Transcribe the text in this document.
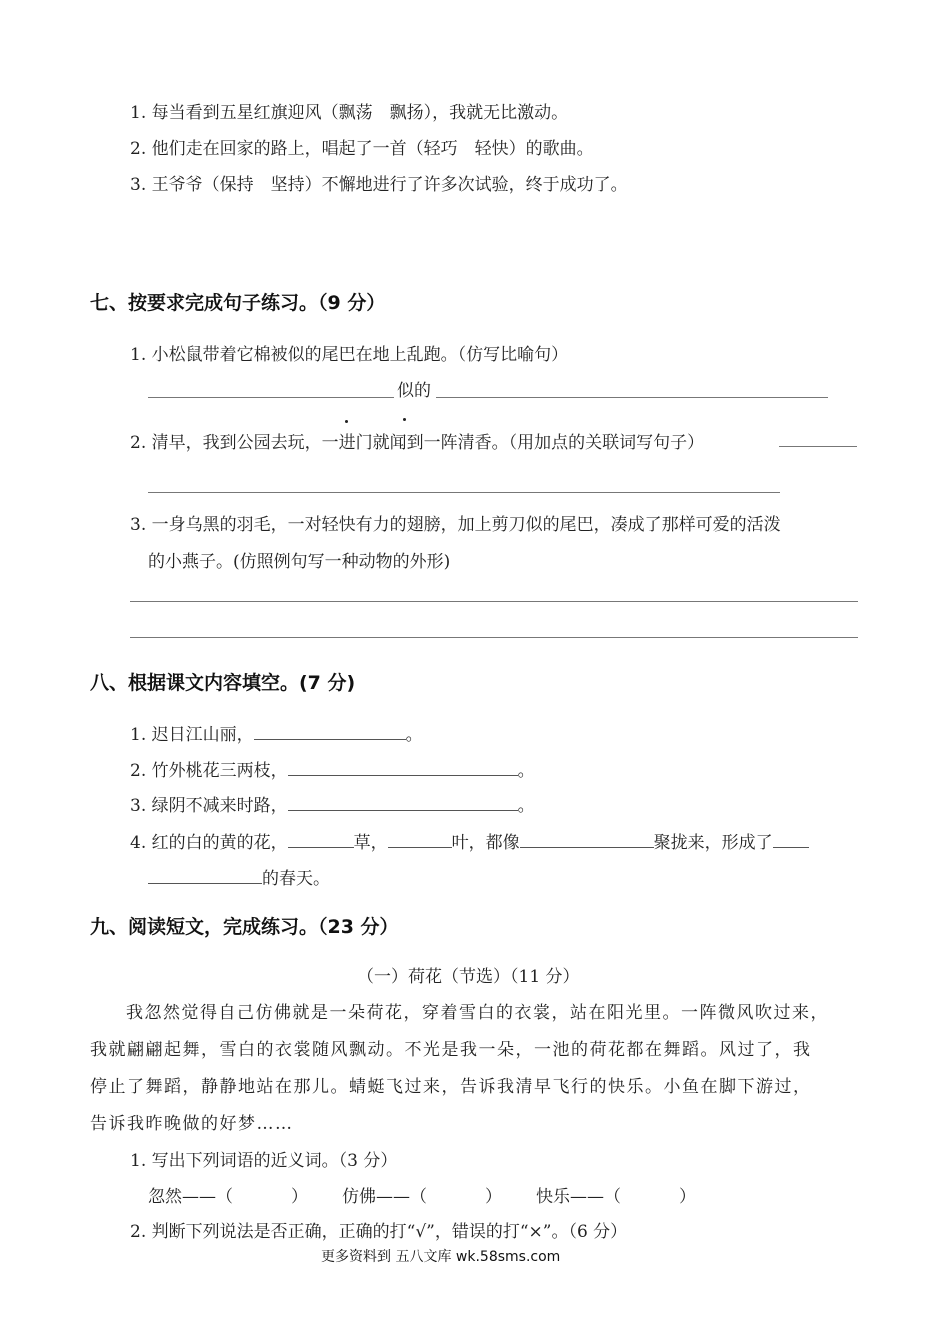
1. 每当看到五星红旗迎风（飘荡　飘扬），我就无比激动。
2. 他们走在回家的路上，唱起了一首（轻巧　轻快）的歌曲。
3. 王爷爷（保持　坚持）不懈地进行了许多次试验，终于成功了。
七、按要求完成句子练习。（9 分）
1. 小松鼠带着它棉被似的尾巴在地上乱跑。（仿写比喻句）
似的
2. 清早，我到公园去玩，一进门就闻到一阵清香。（用加点的关联词写句子）
3. 一身乌黑的羽毛，一对轻快有力的翅膀，加上剪刀似的尾巴，凑成了那样可爱的活泼
的小燕子。(仿照例句写一种动物的外形)
八、根据课文内容填空。(7 分)
1. 迟日江山丽，	。
2. 竹外桃花三两枝，	。
3. 绿阴不减来时路，	。
4. 红的白的黄的花，	草，	叶，都像	聚拢来，形成了
的春天。
九、阅读短文，完成练习。（23 分）
（一）荷花（节选）（11 分）
我忽然觉得自己仿佛就是一朵荷花，穿着雪白的衣裳，站在阳光里。一阵微风吹过来，
我就翩翩起舞，雪白的衣裳随风飘动。不光是我一朵，一池的荷花都在舞蹈。风过了，我
停止了舞蹈，静静地站在那儿。蜻蜓飞过来，告诉我清早飞行的快乐。小鱼在脚下游过，
告诉我昨晚做的好梦……
1. 写出下列词语的近义词。（3 分）
忽然——（	） 仿佛——（	） 快乐——（	）
2. 判断下列说法是否正确，正确的打“√”，错误的打“×”。（6 分）
更多资料到 五八文库 wk.58sms.com
